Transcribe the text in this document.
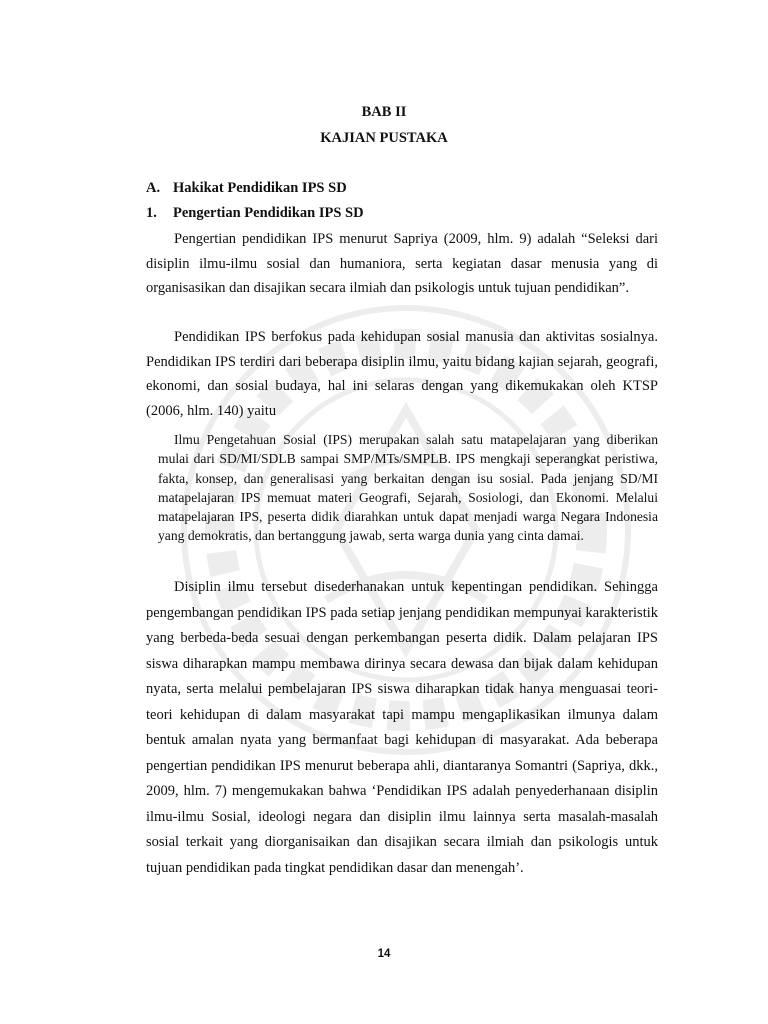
BAB II

KAJIAN PUSTAKA

A. Hakikat Pendidikan IPS SD

1. Pengertian Pendidikan IPS SD

Pengertian pendidikan IPS menurut Sapriya (2009, hlm. 9) adalah “Seleksi dari disiplin ilmu-ilmu sosial dan humaniora, serta kegiatan dasar menusia yang di organisasikan dan disajikan secara ilmiah dan psikologis untuk tujuan pendidikan”.

Pendidikan IPS berfokus pada kehidupan sosial manusia dan aktivitas sosialnya. Pendidikan IPS terdiri dari beberapa disiplin ilmu, yaitu bidang kajian sejarah, geografi, ekonomi, dan sosial budaya, hal ini selaras dengan yang dikemukakan oleh KTSP (2006, hlm. 140) yaitu

Ilmu Pengetahuan Sosial (IPS) merupakan salah satu matapelajaran yang diberikan mulai dari SD/MI/SDLB sampai SMP/MTs/SMPLB. IPS mengkaji seperangkat peristiwa, fakta, konsep, dan generalisasi yang berkaitan dengan isu sosial. Pada jenjang SD/MI matapelajaran IPS memuat materi Geografi, Sejarah, Sosiologi, dan Ekonomi. Melalui matapelajaran IPS, peserta didik diarahkan untuk dapat menjadi warga Negara Indonesia yang demokratis, dan bertanggung jawab, serta warga dunia yang cinta damai.

Disiplin ilmu tersebut disederhanakan untuk kepentingan pendidikan. Sehingga pengembangan pendidikan IPS pada setiap jenjang pendidikan mempunyai karakteristik yang berbeda-beda sesuai dengan perkembangan peserta didik. Dalam pelajaran IPS siswa diharapkan mampu membawa dirinya secara dewasa dan bijak dalam kehidupan nyata, serta melalui pembelajaran IPS siswa diharapkan tidak hanya menguasai teori-teori kehidupan di dalam masyarakat tapi mampu mengaplikasikan ilmunya dalam bentuk amalan nyata yang bermanfaat bagi kehidupan di masyarakat. Ada beberapa pengertian pendidikan IPS menurut beberapa ahli, diantaranya Somantri (Sapriya, dkk., 2009, hlm. 7) mengemukakan bahwa ‘Pendidikan IPS adalah penyederhanaan disiplin ilmu-ilmu Sosial, ideologi negara dan disiplin ilmu lainnya serta masalah-masalah sosial terkait yang diorganisaikan dan disajikan secara ilmiah dan psikologis untuk tujuan pendidikan pada tingkat pendidikan dasar dan menengah’.

14
